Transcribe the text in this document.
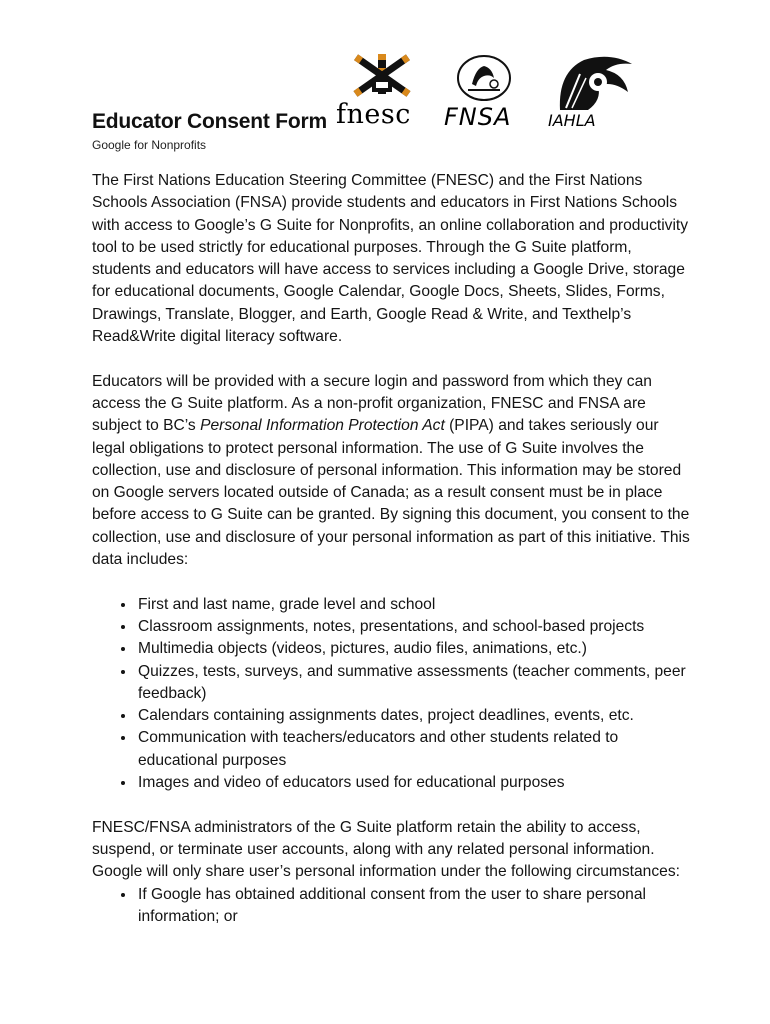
fnesc	FNSA	IAHLA
Educator Consent Form
Google for Nonprofits

The First Nations Education Steering Committee (FNESC) and the First Nations Schools Association (FNSA) provide students and educators in First Nations Schools with access to Google’s G Suite for Nonprofits, an online collaboration and productivity tool to be used strictly for educational purposes. Through the G Suite platform, students and educators will have access to services including a Google Drive, storage for educational documents, Google Calendar, Google Docs, Sheets, Slides, Forms, Drawings, Translate, Blogger, and Earth, Google Read & Write, and Texthelp’s Read&Write digital literacy software.

Educators will be provided with a secure login and password from which they can access the G Suite platform. As a non-profit organization, FNESC and FNSA are subject to BC’s Personal Information Protection Act (PIPA) and takes seriously our legal obligations to protect personal information. The use of G Suite involves the collection, use and disclosure of personal information. This information may be stored on Google servers located outside of Canada; as a result consent must be in place before access to G Suite can be granted. By signing this document, you consent to the collection, use and disclosure of your personal information as part of this initiative. This data includes:

• First and last name, grade level and school
• Classroom assignments, notes, presentations, and school-based projects
• Multimedia objects (videos, pictures, audio files, animations, etc.)
• Quizzes, tests, surveys, and summative assessments (teacher comments, peer feedback)
• Calendars containing assignments dates, project deadlines, events, etc.
• Communication with teachers/educators and other students related to educational purposes
• Images and video of educators used for educational purposes

FNESC/FNSA administrators of the G Suite platform retain the ability to access, suspend, or terminate user accounts, along with any related personal information. Google will only share user’s personal information under the following circumstances:

• If Google has obtained additional consent from the user to share personal information; or
